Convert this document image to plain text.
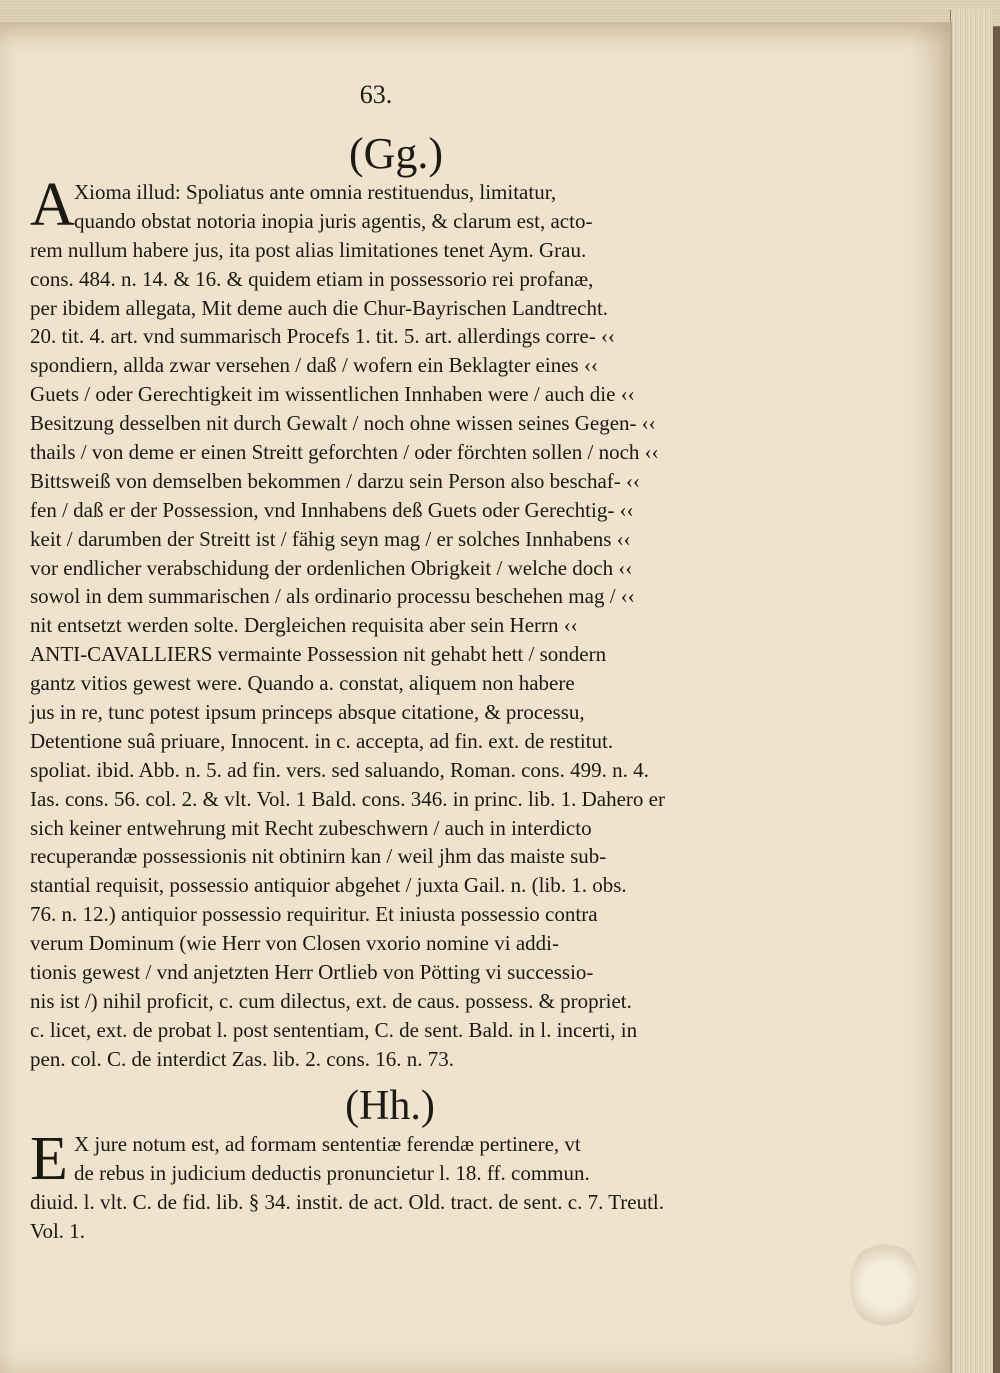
63.
(Gg.)
A Xioma illud: Spoliatus ante omnia restituendus, limitatur,
quando obstat notoria inopia juris agentis, & clarum est, acto-
rem nullum habere jus, ita post alias limitationes tenet Aym. Grau.
cons. 484. n. 14. & 16. & quidem etiam in possessorio rei profanæ,
per ibidem allegata, Mit deme auch die Chur-Bayrischen Landtrecht.
20. tit. 4. art. vnd summarisch Procefs 1. tit. 5. art. allerdings corre- ‹‹
spondiern, allda zwar versehen / daß / wofern ein Beklagter eines ‹‹
Guets / oder Gerechtigkeit im wissentlichen Innhaben were / auch die ‹‹
Besitzung desselben nit durch Gewalt / noch ohne wissen seines Gegen- ‹‹
thails / von deme er einen Streitt geforchten / oder förchten sollen / noch ‹‹
Bittsweiß von demselben bekommen / darzu sein Person also beschaf- ‹‹
fen / daß er der Possession, vnd Innhabens deß Guets oder Gerechtig- ‹‹
keit / darumben der Streitt ist / fähig seyn mag / er solches Innhabens ‹‹
vor endlicher verabschidung der ordenlichen Obrigkeit / welche doch ‹‹
sowol in dem summarischen / als ordinario processu beschehen mag / ‹‹
nit entsetzt werden solte. Dergleichen requisita aber sein Herrn ‹‹
ANTI-CAVALLIERS vermainte Possession nit gehabt hett / sondern
gantz vitios gewest were. Quando a. constat, aliquem non habere
jus in re, tunc potest ipsum princeps absque citatione, & processu,
Detentione suâ priuare, Innocent. in c. accepta, ad fin. ext. de restitut.
spoliat. ibid. Abb. n. 5. ad fin. vers. sed saluando, Roman. cons. 499. n. 4.
Ias. cons. 56. col. 2. & vlt. Vol. 1 Bald. cons. 346. in princ. lib. 1. Dahero er
sich keiner entwehrung mit Recht zubeschwern / auch in interdicto
recuperandæ possessionis nit obtinirn kan / weil jhm das maiste sub-
stantial requisit, possessio antiquior abgehet / juxta Gail. n. (lib. 1. obs.
76. n. 12.) antiquior possessio requiritur. Et iniusta possessio contra
verum Dominum (wie Herr von Closen vxorio nomine vi addi-
tionis gewest / vnd anjetzten Herr Ortlieb von Pötting vi successio-
nis ist /) nihil proficit, c. cum dilectus, ext. de caus. possess. & propriet.
c. licet, ext. de probat l. post sententiam, C. de sent. Bald. in l. incerti, in
pen. col. C. de interdict Zas. lib. 2. cons. 16. n. 73.
(Hh.)
E X jure notum est, ad formam sententiæ ferendæ pertinere, vt
de rebus in judicium deductis pronuncietur l. 18. ff. commun.
diuid. l. vlt. C. de fid. lib. § 34. instit. de act. Old. tract. de sent. c. 7. Treutl.
Vol. 1.
